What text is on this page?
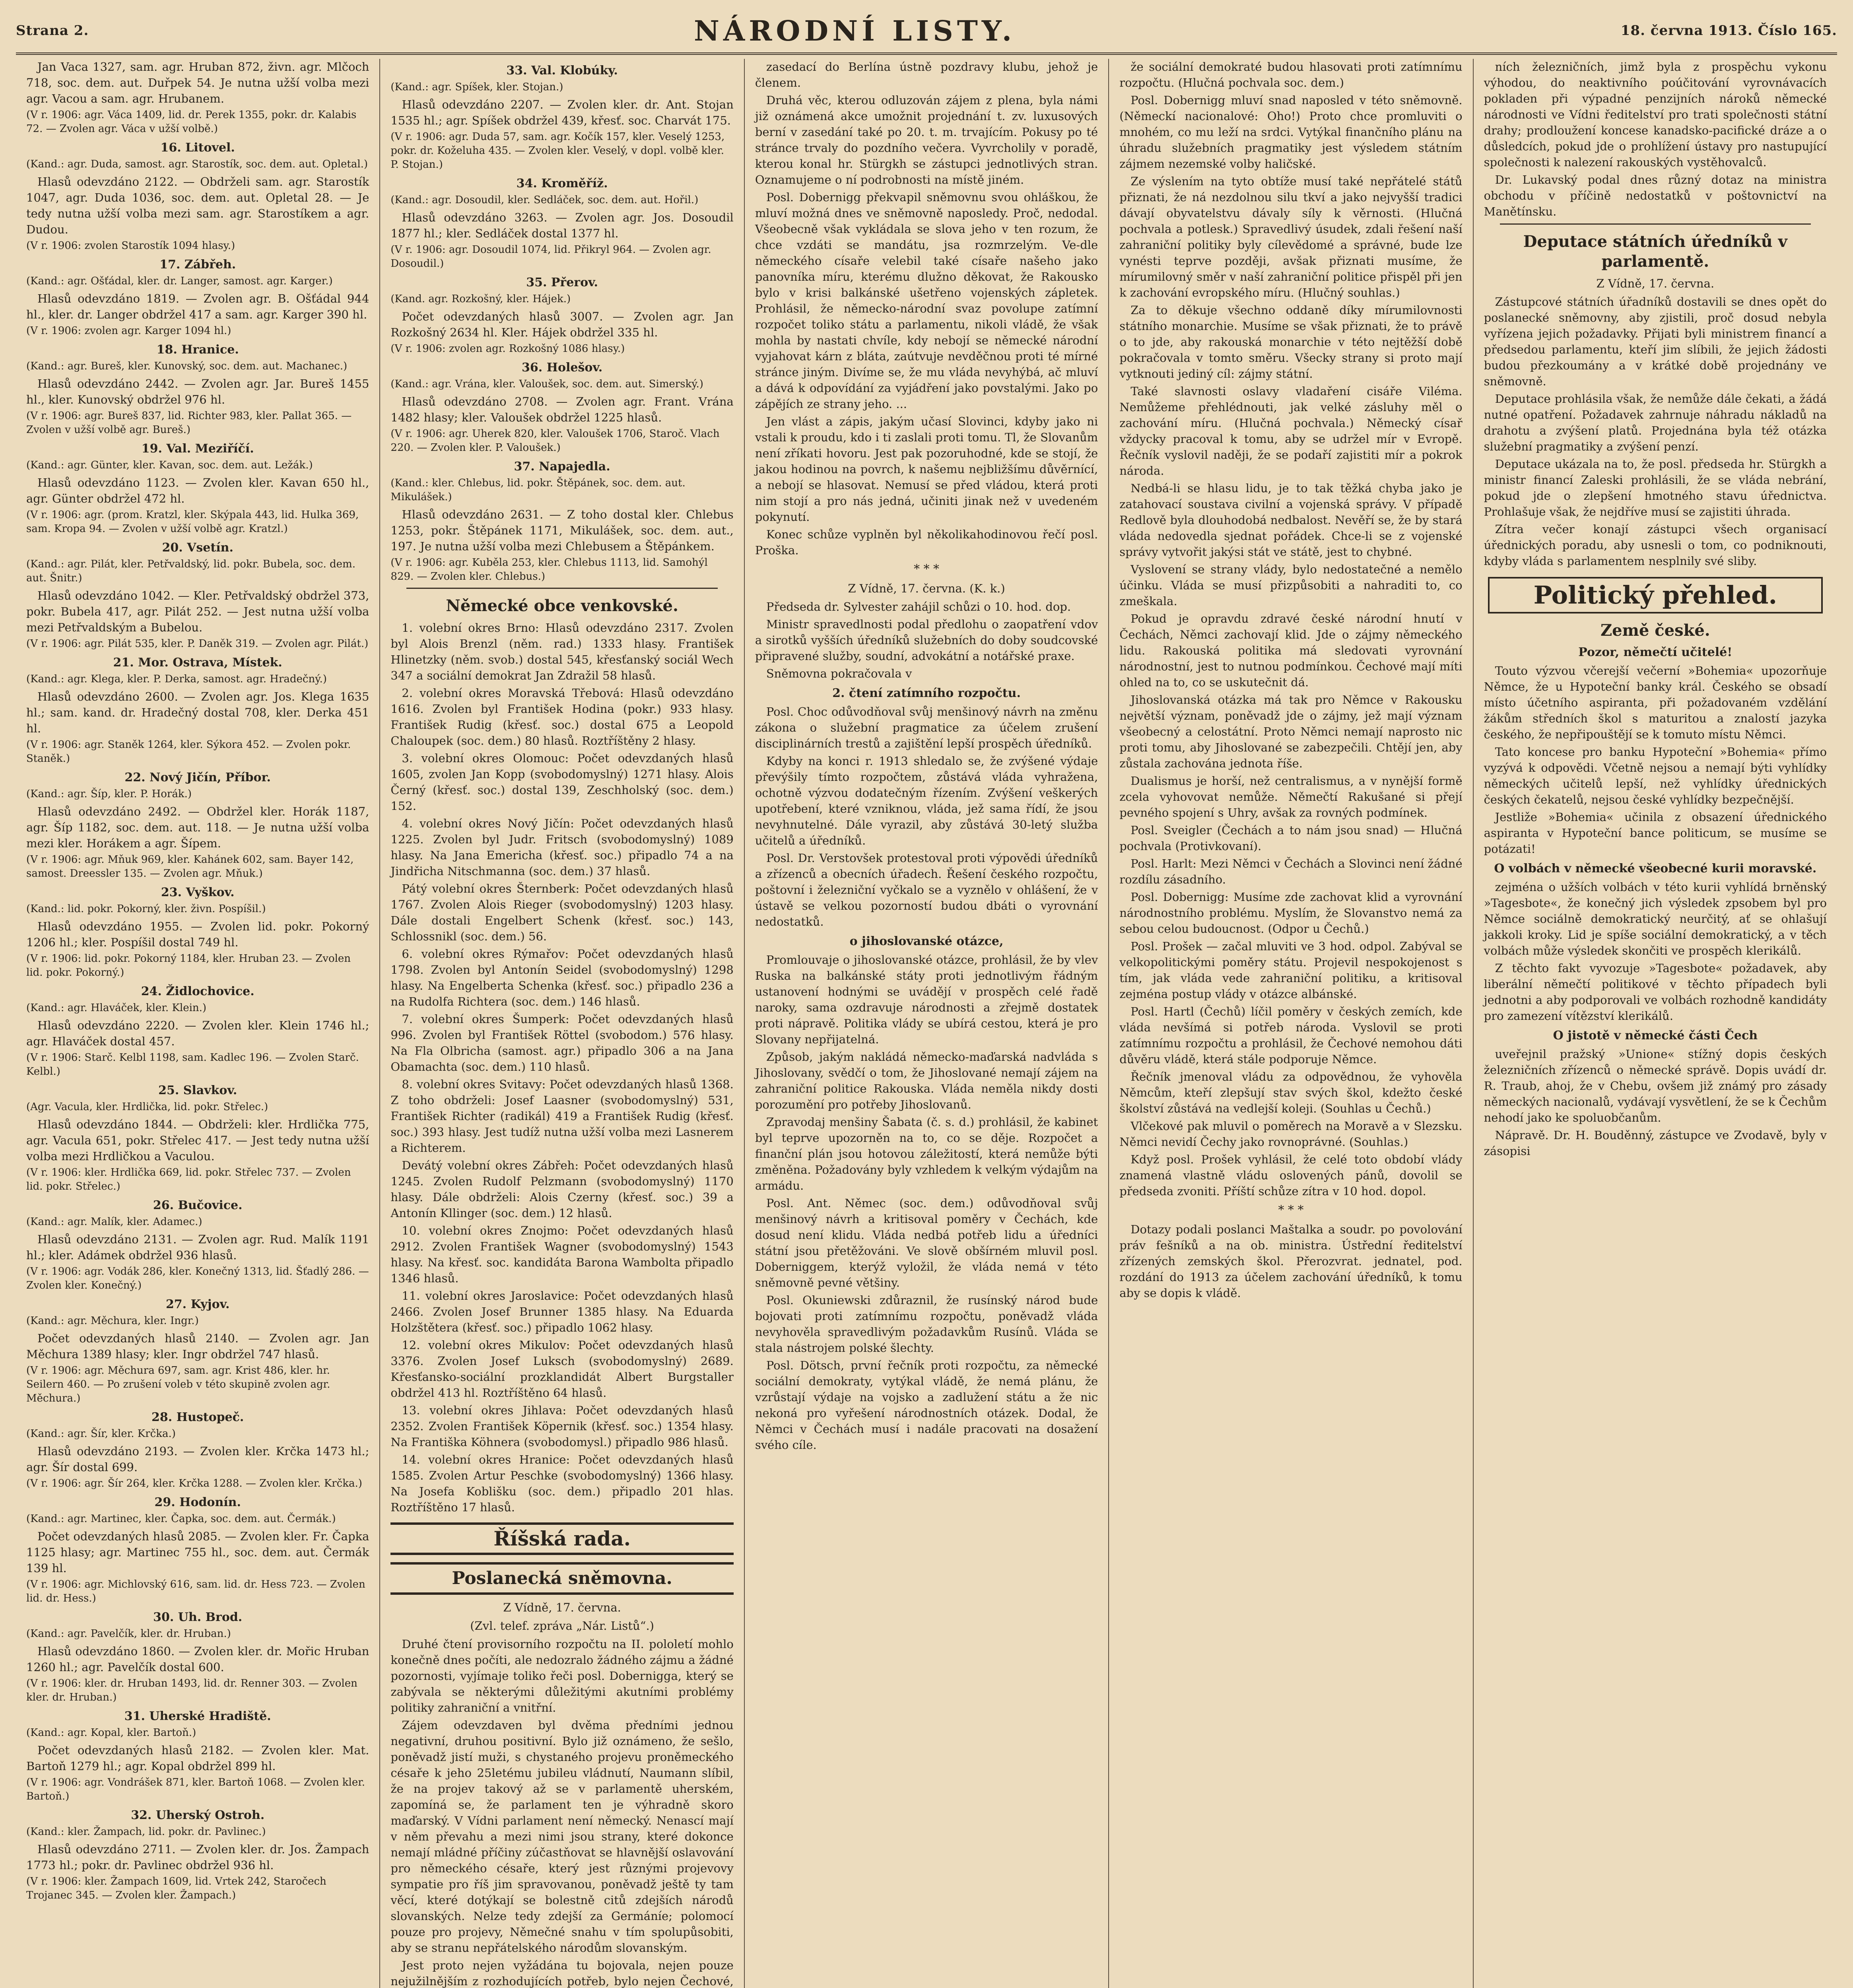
Strana 2.	NÁRODNÍ LISTY.	18. června 1913. Číslo 165.

Jan Vaca 1327, sam. agr. Hruban 872, živn. agr. Mlčoch 718, soc. dem. aut. Duřpek 54. Je nutna užší volba mezi agr. Vacou a sam. agr. Hrubanem.

(V r. 1906: agr. Váca 1409, lid. dr. Perek 1355, pokr. dr. Kalabis 72. — Zvolen agr. Váca v užší volbě.)

16. Litovel.

(Kand.: agr. Duda, samost. agr. Starostík, soc. dem. aut. Opletal.)

Hlasů odevzdáno 2122. — Obdrželi sam. agr. Starostík 1047, agr. Duda 1036, soc. dem. aut. Opletal 28. — Je tedy nutna užší volba mezi sam. agr. Starostíkem a agr. Dudou.

(V r. 1906: zvolen Starostík 1094 hlasy.)

17. Zábřeh.

(Kand.: agr. Ošťádal, kler. dr. Langer, samost. agr. Karger.)

Hlasů odevzdáno 1819. — Zvolen agr. B. Ošťádal 944 hl., kler. dr. Langer obdržel 417 a sam. agr. Karger 390 hl.

(V r. 1906: zvolen agr. Karger 1094 hl.)

18. Hranice.

(Kand.: agr. Bureš, kler. Kunovský, soc. dem. aut. Machanec.)

Hlasů odevzdáno 2442. — Zvolen agr. Jar. Bureš 1455 hl., kler. Kunovský obdržel 976 hl.

(V r. 1906: agr. Bureš 837, lid. Richter 983, kler. Pallat 365. — Zvolen v užší volbě agr. Bureš.)

19. Val. Meziříčí.

(Kand.: agr. Günter, kler. Kavan, soc. dem. aut. Ležák.)

Hlasů odevzdáno 1123. — Zvolen kler. Kavan 650 hl., agr. Günter obdržel 472 hl.

(V r. 1906: agr. (prom. Kratzl, kler. Skýpala 443, lid. Hulka 369, sam. Kropa 94. — Zvolen v užší volbě agr. Kratzl.)

20. Vsetín.

(Kand.: agr. Pilát, kler. Petřvaldský, lid. pokr. Bubela, soc. dem. aut. Šnitr.)

Hlasů odevzdáno 1042. — Kler. Petřvaldský obdržel 373, pokr. Bubela 417, agr. Pilát 252. — Jest nutna užší volba mezi Petřvaldským a Bubelou.

(V r. 1906: agr. Pilát 535, kler. P. Daněk 319. — Zvolen agr. Pilát.)

21. Mor. Ostrava, Místek.

(Kand.: agr. Klega, kler. P. Derka, samost. agr. Hradečný.)

Hlasů odevzdáno 2600. — Zvolen agr. Jos. Klega 1635 hl.; sam. kand. dr. Hradečný dostal 708, kler. Derka 451 hl.

(V r. 1906: agr. Staněk 1264, kler. Sýkora 452. — Zvolen pokr. Staněk.)

22. Nový Jičín, Příbor.

(Kand.: agr. Šíp, kler. P. Horák.)

Hlasů odevzdáno 2492. — Obdržel kler. Horák 1187, agr. Šíp 1182, soc. dem. aut. 118. — Je nutna užší volba mezi kler. Horákem a agr. Šípem.

(V r. 1906: agr. Mňuk 969, kler. Kahánek 602, sam. Bayer 142, samost. Dreessler 135. — Zvolen agr. Mňuk.)

23. Vyškov.

(Kand.: lid. pokr. Pokorný, kler. živn. Pospíšil.)

Hlasů odevzdáno 1955. — Zvolen lid. pokr. Pokorný 1206 hl.; kler. Pospíšil dostal 749 hl.

(V r. 1906: lid. pokr. Pokorný 1184, kler. Hruban 23. — Zvolen lid. pokr. Pokorný.)

24. Židlochovice.

(Kand.: agr. Hlaváček, kler. Klein.)

Hlasů odevzdáno 2220. — Zvolen kler. Klein 1746 hl.; agr. Hlaváček dostal 457.

(V r. 1906: Starč. Kelbl 1198, sam. Kadlec 196. — Zvolen Starč. Kelbl.)

25. Slavkov.

(Agr. Vacula, kler. Hrdlička, lid. pokr. Střelec.)

Hlasů odevzdáno 1844. — Obdrželi: kler. Hrdlička 775, agr. Vacula 651, pokr. Střelec 417. — Jest tedy nutna užší volba mezi Hrdličkou a Vaculou.

(V r. 1906: kler. Hrdlička 669, lid. pokr. Střelec 737. — Zvolen lid. pokr. Střelec.)

26. Bučovice.

(Kand.: agr. Malík, kler. Adamec.)

Hlasů odevzdáno 2131. — Zvolen agr. Rud. Malík 1191 hl.; kler. Adámek obdržel 936 hlasů.

(V r. 1906: agr. Vodák 286, kler. Konečný 1313, lid. Šťadlý 286. — Zvolen kler. Konečný.)

27. Kyjov.

(Kand.: agr. Měchura, kler. Ingr.)

Počet odevzdaných hlasů 2140. — Zvolen agr. Jan Měchura 1389 hlasy; kler. Ingr obdržel 747 hlasů.

(V r. 1906: agr. Měchura 697, sam. agr. Krist 486, kler. hr. Seilern 460. — Po zrušení voleb v této skupině zvolen agr. Měchura.)

28. Hustopeč.

(Kand.: agr. Šír, kler. Krčka.)

Hlasů odevzdáno 2193. — Zvolen kler. Krčka 1473 hl.; agr. Šír dostal 699.

(V r. 1906: agr. Šír 264, kler. Krčka 1288. — Zvolen kler. Krčka.)

29. Hodonín.

(Kand.: agr. Martinec, kler. Čapka, soc. dem. aut. Čermák.)

Počet odevzdaných hlasů 2085. — Zvolen kler. Fr. Čapka 1125 hlasy; agr. Martinec 755 hl., soc. dem. aut. Čermák 139 hl.

(V r. 1906: agr. Michlovský 616, sam. lid. dr. Hess 723. — Zvolen lid. dr. Hess.)

30. Uh. Brod.

(Kand.: agr. Pavelčík, kler. dr. Hruban.)

Hlasů odevzdáno 1860. — Zvolen kler. dr. Mořic Hruban 1260 hl.; agr. Pavelčík dostal 600.

(V r. 1906: kler. dr. Hruban 1493, lid. dr. Renner 303. — Zvolen kler. dr. Hruban.)

31. Uherské Hradiště.

(Kand.: agr. Kopal, kler. Bartoň.)

Počet odevzdaných hlasů 2182. — Zvolen kler. Mat. Bartoň 1279 hl.; agr. Kopal obdržel 899 hl.

(V r. 1906: agr. Vondrášek 871, kler. Bartoň 1068. — Zvolen kler. Bartoň.)

32. Uherský Ostroh.

(Kand.: kler. Žampach, lid. pokr. dr. Pavlinec.)

Hlasů odevzdáno 2711. — Zvolen kler. dr. Jos. Žampach 1773 hl.; pokr. dr. Pavlinec obdržel 936 hl.

(V r. 1906: kler. Žampach 1609, lid. Vrtek 242, Staročech Trojanec 345. — Zvolen kler. Žampach.)

33. Val. Klobúky.

(Kand.: agr. Spíšek, kler. Stojan.)

Hlasů odevzdáno 2207. — Zvolen kler. dr. Ant. Stojan 1535 hl.; agr. Spíšek obdržel 439, křesť. soc. Charvát 175.

(V r. 1906: agr. Duda 57, sam. agr. Kočík 157, kler. Veselý 1253, pokr. dr. Koželuha 435. — Zvolen kler. Veselý, v dopl. volbě kler. P. Stojan.)

34. Kroměříž.

(Kand.: agr. Dosoudil, kler. Sedláček, soc. dem. aut. Hořil.)

Hlasů odevzdáno 3263. — Zvolen agr. Jos. Dosoudil 1877 hl.; kler. Sedláček dostal 1377 hl.

(V r. 1906: agr. Dosoudil 1074, lid. Přikryl 964. — Zvolen agr. Dosoudil.)

35. Přerov.

(Kand. agr. Rozkošný, kler. Hájek.)

Počet odevzdaných hlasů 3007. — Zvolen agr. Jan Rozkošný 2634 hl. Kler. Hájek obdržel 335 hl.

(V r. 1906: zvolen agr. Rozkošný 1086 hlasy.)

36. Holešov.

(Kand.: agr. Vrána, kler. Valoušek, soc. dem. aut. Simerský.)

Hlasů odevzdáno 2708. — Zvolen agr. Frant. Vrána 1482 hlasy; kler. Valoušek obdržel 1225 hlasů.

(V r. 1906: agr. Uherek 820, kler. Valoušek 1706, Staroč. Vlach 220. — Zvolen kler. P. Valoušek.)

37. Napajedla.

(Kand.: kler. Chlebus, lid. pokr. Štěpánek, soc. dem. aut. Mikulášek.)

Hlasů odevzdáno 2631. — Z toho dostal kler. Chlebus 1253, pokr. Štěpánek 1171, Mikulášek, soc. dem. aut., 197. Je nutna užší volba mezi Chlebusem a Štěpánkem.

(V r. 1906: agr. Kuběla 253, kler. Chlebus 1113, lid. Samohýl 829. — Zvolen kler. Chlebus.)

Německé obce venkovské.

1. volební okres Brno: Hlasů odevzdáno 2317. Zvolen byl Alois Brenzl (něm. rad.) 1333 hlasy. František Hlinetzky (něm. svob.) dostal 545, křesťanský sociál Wech 347 a sociální demokrat Jan Zdražil 58 hlasů.

2. volební okres Moravská Třebová: Hlasů odevzdáno 1616. Zvolen byl František Hodina (pokr.) 933 hlasy. František Rudig (křesť. soc.) dostal 675 a Leopold Chaloupek (soc. dem.) 80 hlasů. Roztříštěny 2 hlasy.

3. volební okres Olomouc: Počet odevzdaných hlasů 1605, zvolen Jan Kopp (svobodomyslný) 1271 hlasy. Alois Černý (křesť. soc.) dostal 139, Zeschholský (soc. dem.) 152.

4. volební okres Nový Jičín: Počet odevzdaných hlasů 1225. Zvolen byl Judr. Fritsch (svobodomyslný) 1089 hlasy. Na Jana Emericha (křesť. soc.) připadlo 74 a na Jindřicha Nitschmanna (soc. dem.) 37 hlasů.

Pátý volební okres Šternberk: Počet odevzdaných hlasů 1767. Zvolen Alois Rieger (svobodomyslný) 1203 hlasy. Dále dostali Engelbert Schenk (křesť. soc.) 143, Schlossnikl (soc. dem.) 56.

6. volební okres Rýmařov: Počet odevzdaných hlasů 1798. Zvolen byl Antonín Seidel (svobodomyslný) 1298 hlasy. Na Engelberta Schenka (křesť. soc.) připadlo 236 a na Rudolfa Richtera (soc. dem.) 146 hlasů.

7. volební okres Šumperk: Počet odevzdaných hlasů 996. Zvolen byl František Röttel (svobodom.) 576 hlasy. Na Fla Olbricha (samost. agr.) připadlo 306 a na Jana Obamachta (soc. dem.) 110 hlasů.

8. volební okres Svitavy: Počet odevzdaných hlasů 1368. Z toho obdrželi: Josef Laasner (svobodomyslný) 531, František Richter (radikál) 419 a František Rudig (křesť. soc.) 393 hlasy. Jest tudíž nutna užší volba mezi Lasnerem a Richterem.

Devátý volební okres Zábřeh: Počet odevzdaných hlasů 1245. Zvolen Rudolf Pelzmann (svobodomyslný) 1170 hlasy. Dále obdrželi: Alois Czerny (křesť. soc.) 39 a Antonín Kllinger (soc. dem.) 12 hlasů.

10. volební okres Znojmo: Počet odevzdaných hlasů 2912. Zvolen František Wagner (svobodomyslný) 1543 hlasy. Na křesť. soc. kandidáta Barona Wambolta připadlo 1346 hlasů.

11. volební okres Jaroslavice: Počet odevzdaných hlasů 2466. Zvolen Josef Brunner 1385 hlasy. Na Eduarda Holzštětera (křesť. soc.) připadlo 1062 hlasy.

12. volební okres Mikulov: Počet odevzdaných hlasů 3376. Zvolen Josef Luksch (svobodomyslný) 2689. Křesťansko-sociální prozklandidát Albert Burgstaller obdržel 413 hl. Roztříštěno 64 hlasů.

13. volební okres Jihlava: Počet odevzdaných hlasů 2352. Zvolen František Köpernik (křesť. soc.) 1354 hlasy. Na Františka Köhnera (svobodomysl.) připadlo 986 hlasů.

14. volební okres Hranice: Počet odevzdaných hlasů 1585. Zvolen Artur Peschke (svobodomyslný) 1366 hlasy. Na Josefa Koblišku (soc. dem.) připadlo 201 hlas. Roztříštěno 17 hlasů.

Říšská rada.
Poslanecká sněmovna.
Z Vídně, 17. června.
(Zvl. telef. zpráva „Nár. Listů“.)

Druhé čtení provisorního rozpočtu na II. pololetí mohlo konečně dnes počíti, ale nedozralo žádného zájmu a žádné pozornosti, vyjímaje toliko řeči posl. Dobernigga, který se zabývala se některými důležitými akutními problémy politiky zahraniční a vnitřní.

Zájem odevzdaven byl dvěma předními jednou negativní, druhou positivní. Bylo již oznámeno, že sešlo, poněvadž jistí muži, s chystaného projevu proněmeckého césaře k jeho 25letému jubileu vládnutí, Naumann slíbil, že na projev takový až se v parlamentě uherském, zapomíná se, že parlament ten je výhradně skoro maďarský. V Vídni parlament není německý. Nenascí mají v něm převahu a mezi nimi jsou strany, které dokonce nemají mládné příčiny zúčastňovat se hlavnější oslavování pro německého césaře, který jest různými projevovy sympatie pro říš jim spravovanou, poněvadž ještě ty tam věcí, které dotýkají se bolestně citů zdejších národů slovanských. Nelze tedy zdejší za Germáníe; polomocí pouze pro projevy, Němečné snahu v tím spolupůsobiti, aby se stranu nepřátelského národům slovanským.

Jest proto nejen vyžádána tu bojovala, nejen pouze nejužilnějším z rozhodujících potřeb, bylo nejen Čechové,

zasedací do Berlína ústně pozdravy klubu, jehož je členem.

Druhá věc, kterou odluzován zájem z plena, byla námi již oznámená akce umožnit projednání t. zv. luxusových berní v zasedání také po 20. t. m. trvajícím. Pokusy po té stránce trvaly do pozdního večera. Vyvrcholily v poradě, kterou konal hr. Stürgkh se zástupci jednotlivých stran. Oznamujeme o ní podrobnosti na místě jiném.

Posl. Dobernigg překvapil sněmovnu svou ohláškou, že mluví možná dnes ve sněmovně naposledy. Proč, nedodal. Všeobecně však vykládala se slova jeho v ten rozum, že chce vzdáti se mandátu, jsa rozmrzelým. Ve-dle německého císaře velebil také císaře našeho jako panovníka míru, kterému dlužno děkovat, že Rakousko bylo v krisi balkánské ušetřeno vojenských zápletek. Prohlásil, že německo-národní svaz povolupe zatímní rozpočet toliko státu a parlamentu, nikoli vládě, že však mohla by nastati chvíle, kdy nebojí se německé národní vyjahovat kárn z bláta, zaútvuje nevděčnou proti té mírné stránce jiným. Divíme se, že mu vláda nevyhýbá, ač mluví a dává k odpovídání za vyjádření jako povstalými. Jako po zápějích ze strany jeho. ...

Jen vlást a zápis, jakým učasí Slovinci, kdyby jako ni vstali k proudu, kdo i ti zaslali proti tomu. Tl, že Slovanům není zříkati hovoru. Jest pak pozoruhodné, kde se stojí, že jakou hodinou na povrch, k našemu nejbližšímu důvěrnící, a nebojí se hlasovat. Nemusí se před vládou, která proti nim stojí a pro nás jedná, učiniti jinak než v uvedeném pokynutí.

Konec schůze vyplněn byl několikahodinovou řečí posl. Proška.

* * *
Z Vídně, 17. června. (K. k.)

Předseda dr. Sylvester zahájil schůzi o 10. hod. dop.

Ministr spravedlnosti podal předlohu o zaopatření vdov a sirotků vyšších úředníků služebních do doby soudcovské připravené služby, soudní, advokátní a notářské praxe.

Sněmovna pokračovala v

2. čtení zatímního rozpočtu.

Posl. Choc odůvodňoval svůj menšinový návrh na změnu zákona o služební pragmatice za účelem zrušení disciplinárních trestů a zajištění lepší prospěch úředníků.

Kdyby na konci r. 1913 shledalo se, že zvýšené výdaje převýšily tímto rozpočtem, zůstává vláda vyhražena, ochotně výzvou dodatečným řízením. Zvýšení veškerých upotřebení, které vzniknou, vláda, jež sama řídí, že jsou nevyhnutelné. Dále vyrazil, aby zůstává 30-letý služba učitelů a úředníků.

Posl. Dr. Verstovšek protestoval proti výpovědi úředníků a zřízenců a obecních úřadech. Řešení českého rozpočtu, poštovní i železniční vyčkalo se a vyznělo v ohlášení, že v ústavě se velkou pozorností budou dbáti o vyrovnání nedostatků.

o jihoslovanské otázce,

Promlouvaje o jihoslovanské otázce, prohlásil, že by vlev Ruska na balkánské státy proti jednotlivým řádným ustanovení hodnými se uvádějí v prospěch celé řadě naroky, sama ozdravuje národnosti a zřejmě dostatek proti nápravě. Politika vlády se ubírá cestou, která je pro Slovany nepřijatelná.

Způsob, jakým nakládá německo-maďarská nadvláda s Jihoslovany, svědčí o tom, že Jihoslované nemají zájem na zahraniční politice Rakouska. Vláda neměla nikdy dosti porozumění pro potřeby Jihoslovanů.

Zpravodaj menšiny Šabata (č. s. d.) prohlásil, že kabinet byl teprve upozorněn na to, co se děje. Rozpočet a finanční plán jsou hotovou záležitostí, která nemůže býti změněna. Požadovány byly vzhledem k velkým výdajům na armádu.

Posl. Ant. Němec (soc. dem.) odůvodňoval svůj menšinový návrh a kritisoval poměry v Čechách, kde dosud není klidu. Vláda nedbá potřeb lidu a úředníci státní jsou přetěžováni. Ve slově obšírném mluvil posl. Doberniggem, kterýž vyložil, že vláda nemá v této sněmovně pevné většiny.

Posl. Okuniewski zdůraznil, že rusínský národ bude bojovati proti zatímnímu rozpočtu, poněvadž vláda nevyhověla spravedlivým požadavkům Rusínů. Vláda se stala nástrojem polské šlechty.

Posl. Dötsch, první řečník proti rozpočtu, za německé sociální demokraty, vytýkal vládě, že nemá plánu, že vzrůstají výdaje na vojsko a zadlužení státu a že nic nekoná pro vyřešení národnostních otázek. Dodal, že Němci v Čechách musí i nadále pracovati na dosažení svého cíle.

že sociální demokraté budou hlasovati proti zatímnímu rozpočtu. (Hlučná pochvala soc. dem.)

Posl. Dobernigg mluví snad naposled v této sněmovně. (Německí nacionalové: Oho!) Proto chce promluviti o mnohém, co mu leží na srdci. Vytýkal finančního plánu na úhradu služebních pragmatiky jest výsledem státním zájmem nezemské volby haličské.

Ze výslením na tyto obtíže musí také nepřátelé států přiznati, že ná nezdolnou silu tkví a jako nejvyšší tradici dávají obyvatelstvu dávaly síly k věrnosti. (Hlučná pochvala a potlesk.) Spravedlivý úsudek, zdali řešení naší zahraniční politiky byly cílevědomé a správné, bude lze vynésti teprve později, avšak přiznati musíme, že mírumilovný směr v naší zahraniční politice přispěl při jen k zachování evropského míru. (Hlučný souhlas.)

Za to děkuje všechno oddaně díky mírumilovnosti státního monarchie. Musíme se však přiznati, že to právě o to jde, aby rakouská monarchie v této nejtěžší době pokračovala v tomto směru. Všecky strany si proto mají vytknouti jediný cíl: zájmy státní.

Také slavnosti oslavy vladaření cisáře Viléma. Nemůžeme přehlédnouti, jak velké zásluhy měl o zachování míru. (Hlučná pochvala.) Německý císař vždycky pracoval k tomu, aby se udržel mír v Evropě. Řečník vyslovil naději, že se podaří zajistiti mír a pokrok národa.

Nedbá-li se hlasu lidu, je to tak těžká chyba jako je zatahovací soustava civilní a vojenská správy. V případě Redlově byla dlouhodobá nedbalost. Nevěří se, že by stará vláda nedovedla sjednat pořádek. Chce-li se z vojenské správy vytvořit jakýsi stát ve státě, jest to chybné.

Vyslovení se strany vlády, bylo nedostatečné a nemělo účinku. Vláda se musí přizpůsobiti a nahraditi to, co zmeškala.

Pokud je opravdu zdravé české národní hnutí v Čechách, Němci zachovají klid. Jde o zájmy německého lidu. Rakouská politika má sledovati vyrovnání národnostní, jest to nutnou podmínkou. Čechové mají míti ohled na to, co se uskutečnit dá.

Jihoslovanská otázka má tak pro Němce v Rakousku největší význam, poněvadž jde o zájmy, jež mají význam všeobecný a celostátní. Proto Němci nemají naprosto nic proti tomu, aby Jihoslované se zabezpečili. Chtějí jen, aby zůstala zachována jednota říše.

Dualismus je horší, než centralismus, a v nynější formě zcela vyhovovat nemůže. Němečtí Rakušané si přejí pevného spojení s Uhry, avšak za rovných podmínek.

Posl. Sveigler (Čechách a to nám jsou snad) — Hlučná pochvala (Protivkovaní).

Posl. Harlt: Mezi Němci v Čechách a Slovinci není žádné rozdílu zásadního.

Posl. Dobernigg: Musíme zde zachovat klid a vyrovnání národnostního problému. Myslím, že Slovanstvo nemá za sebou celou budoucnost. (Odpor u Čechů.)

Posl. Prošek — začal mluviti ve 3 hod. odpol. Zabýval se velkopolitickými poměry státu. Projevil nespokojenost s tím, jak vláda vede zahraniční politiku, a kritisoval zejména postup vlády v otázce albánské.

Posl. Hartl (Čechů) líčil poměry v českých zemích, kde vláda nevšímá si potřeb národa. Vyslovil se proti zatímnímu rozpočtu a prohlásil, že Čechové nemohou dáti důvěru vládě, která stále podporuje Němce.

Řečník jmenoval vládu za odpovědnou, že vyhověla Němcům, kteří zlepšují stav svých škol, kdežto české školství zůstává na vedlejší koleji. (Souhlas u Čechů.)

Vlčekové pak mluvil o poměrech na Moravě a v Slezsku. Němci nevidí Čechy jako rovnoprávné. (Souhlas.)

Když posl. Prošek vyhlásil, že celé toto období vlády znamená vlastně vládu oslovených pánů, dovolil se předseda zvoniti. Příští schůze zítra v 10 hod. dopol.

* * *

Dotazy podali poslanci Maštalka a soudr. po povolování práv fešníků a na ob. ministra. Ústřední ředitelství zřízených zemských škol. Přerozvrat. jednatel, pod. rozdání do 1913 za účelem zachování úředníků, k tomu aby se dopis k vládě.

ních železničních, jimž byla z prospěchu vykonu výhodou, do neaktivního poúčitování vyrovnávacích pokladen při výpadné penzijních nároků německé národnosti ve Vídni ředitelství pro trati společnosti státní drahy; prodloužení koncese kanadsko-pacifické dráze a o důsledcích, pokud jde o prohlížení ústavy pro nastupující společnosti k nalezení rakouských vystěhovalců.

Dr. Lukavský podal dnes různý dotaz na ministra obchodu v příčině nedostatků v poštovnictví na Manětínsku.

Deputace státních úředníků v parlamentě.
Z Vídně, 17. června.

Zástupcové státních úřadníků dostavili se dnes opět do poslanecké sněmovny, aby zjistili, proč dosud nebyla vyřízena jejich požadavky. Přijati byli ministrem financí a předsedou parlamentu, kteří jim slíbili, že jejich žádosti budou přezkoumány a v krátké době projednány ve sněmovně.

Deputace prohlásila však, že nemůže dále čekati, a žádá nutné opatření. Požadavek zahrnuje náhradu nákladů na drahotu a zvýšení platů. Projednána byla též otázka služební pragmatiky a zvýšení penzí.

Deputace ukázala na to, že posl. předseda hr. Stürgkh a ministr financí Zaleski prohlásili, že se vláda nebrání, pokud jde o zlepšení hmotného stavu úřednictva. Prohlašuje však, že nejdříve musí se zajistiti úhrada.

Zítra večer konají zástupci všech organisací úřednických poradu, aby usnesli o tom, co podniknouti, kdyby vláda s parlamentem nesplnily své sliby.

Politický přehled.
Země české.
Pozor, němečtí učitelé!

Touto výzvou včerejší večerní »Bohemia« upozorňuje Němce, že u Hypoteční banky král. Českého se obsadí místo účetního aspiranta, při požadovaném vzdělání žákům středních škol s maturitou a znalostí jazyka českého, že nepřipouštějí se k tomuto místu Němci.

Tato koncese pro banku Hypoteční »Bohemia« přímo vyzývá k odpovědi. Včetně nejsou a nemají býti vyhlídky německých učitelů lepší, než vyhlídky úřednických českých čekatelů, nejsou české vyhlídky bezpečnější.

Jestliže »Bohemia« učinila z obsazení úřednického aspiranta v Hypoteční bance politicum, se musíme se potázati!

O volbách v německé všeobecné kurii moravské.

zejména o užších volbách v této kurii vyhlídá brněnský »Tagesbote«, že konečný jich výsledek zpsobem byl pro Němce sociálně demokratický neurčitý, ať se ohlašují jakkoli kroky. Lid je spíše sociální demokratický, a v těch volbách může výsledek skončiti ve prospěch klerikálů.

Z těchto fakt vyvozuje »Tagesbote« požadavek, aby liberální němečtí politikové v těchto případech byli jednotni a aby podporovali ve volbách rozhodně kandidáty pro zamezení vítězství klerikálů.

O jistotě v německé části Čech

uveřejnil pražský »Unione« stížný dopis českých železničních zřízenců o německé správě. Dopis uvádí dr. R. Traub, ahoj, že v Chebu, ovšem již známý pro zásady německých nacionalů, vydávají vysvětlení, že se k Čechům nehodí jako ke spoluobčanům.

Nápravě. Dr. H. Bouděnný, zástupce ve Zvodavě, byly v zásopisi
